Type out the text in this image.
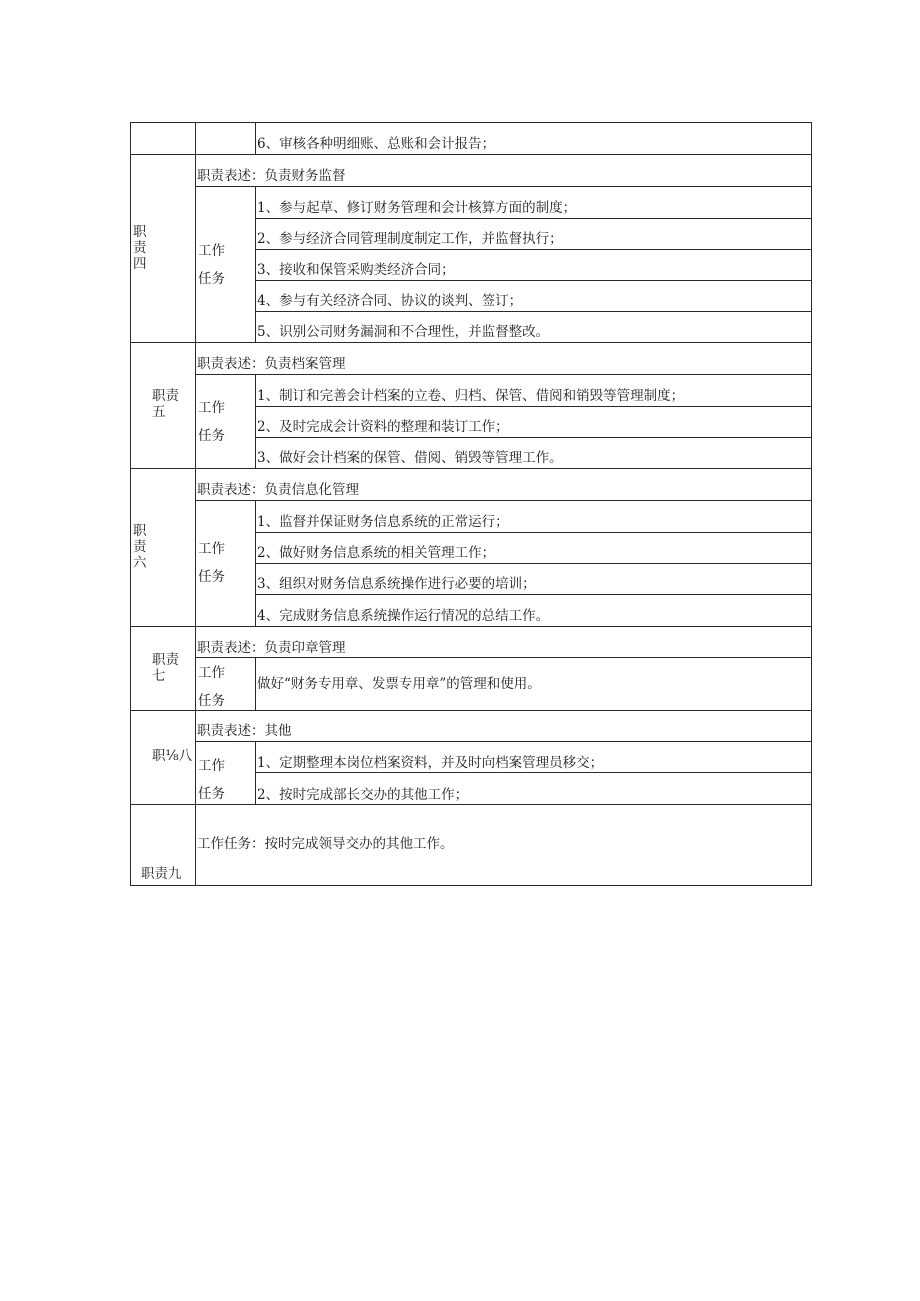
6、审核各种明细账、总账和会计报告；
职
责
四
职责表述：负责财务监督
工作
任务
1、参与起草、修订财务管理和会计核算方面的制度；
2、参与经济合同管理制度制定工作，并监督执行；
3、接收和保管采购类经济合同；
4、参与有关经济合同、协议的谈判、签订；
5、识别公司财务漏洞和不合理性，并监督整改。
职责
五
职责表述：负责档案管理
工作
任务
1、制订和完善会计档案的立卷、归档、保管、借阅和销毁等管理制度；
2、及时完成会计资料的整理和装订工作；
3、做好会计档案的保管、借阅、销毁等管理工作。
职
责
六
职责表述：负责信息化管理
工作
任务
1、监督并保证财务信息系统的正常运行；
2、做好财务信息系统的相关管理工作；
3、组织对财务信息系统操作进行必要的培训；
4、完成财务信息系统操作运行情况的总结工作。
职责
七
职责表述：负责印章管理
工作
任务
做好“财务专用章、发票专用章”的管理和使用。
职⅛八
职责表述：其他
工作
任务
1、定期整理本岗位档案资料，并及时向档案管理员移交；
2、按时完成部长交办的其他工作；
职责九
工作任务：按时完成领导交办的其他工作。
